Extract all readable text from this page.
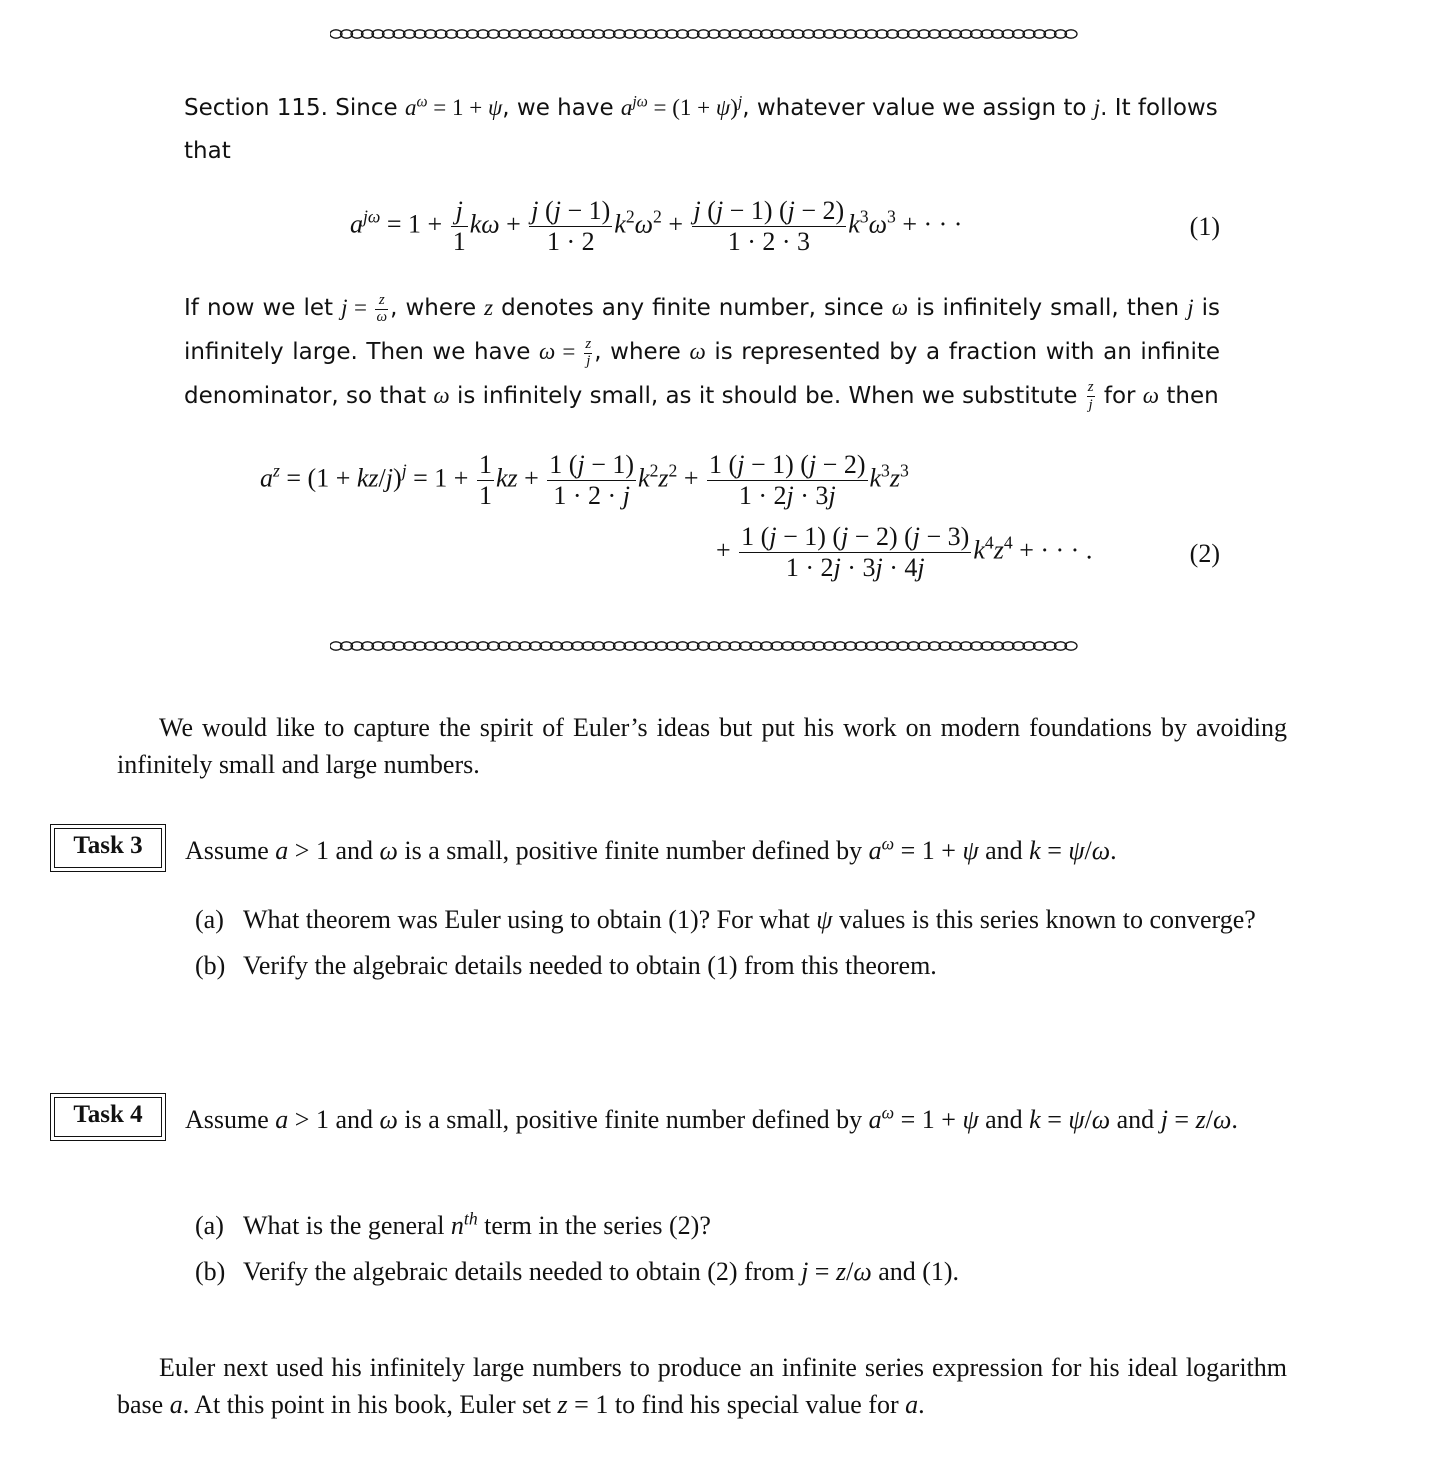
Section 115. Since $a^\omega = 1 + \psi$, we have $a^{j\omega} = (1 + \psi)^j$, whatever value we assign to j. It follows that
$a^{j\omega} = 1 + \frac{j}{1}$ $k\omega + \frac{j (j - 1)}{1 \cdot 2} k^2\omega^2 + \frac{j (j - 1) (j - 2)}{1 \cdot 2 \cdot 3} k^3\omega^3$ + · · ·	(1)
If now we let $j = \frac{z}{\omega}$ , where z denotes any finite number, since ω is infinitely small, then j is infinitely large. Then we have $\omega = \frac{z}{j}$ , where ω is represented by a fraction with an infinite denominator, so that ω is infinitely small, as it should be. When we substitute $\frac{z}{j}$ for ω then
$a^z = (1 + kz/j)^j = 1 + \frac{1}{1}$ kz + $\frac{1 (j - 1)}{1 \cdot 2 \cdot j} k^2z^2 + \frac{1 (j - 1) (j - 2)}{1 \cdot 2j \cdot 3j} k^3z^3$
+ $\frac{1 (j - 1) (j - 2) (j - 3)}{1 \cdot 2j \cdot 3j \cdot 4j} k^4z^4$ + · · · .	(2)
We would like to capture the spirit of Euler’s ideas but put his work on modern foundations by avoiding infinitely small and large numbers.
Task 3	Assume a > 1 and ω is a small, positive finite number defined by $a^\omega = 1 + \psi$ and k = ψ/ω.
(a) What theorem was Euler using to obtain (1)? For what ψ values is this series known to converge?
(b) Verify the algebraic details needed to obtain (1) from this theorem.
Task 4	Assume a > 1 and ω is a small, positive finite number defined by $a^\omega = 1 + \psi$ and k = ψ/ω and j = z/ω.
(a) What is the general $n^{th}$ term in the series (2)?
(b) Verify the algebraic details needed to obtain (2) from j = z/ω and (1).
Euler next used his infinitely large numbers to produce an infinite series expression for his ideal logarithm base a. At this point in his book, Euler set z = 1 to find his special value for a.
